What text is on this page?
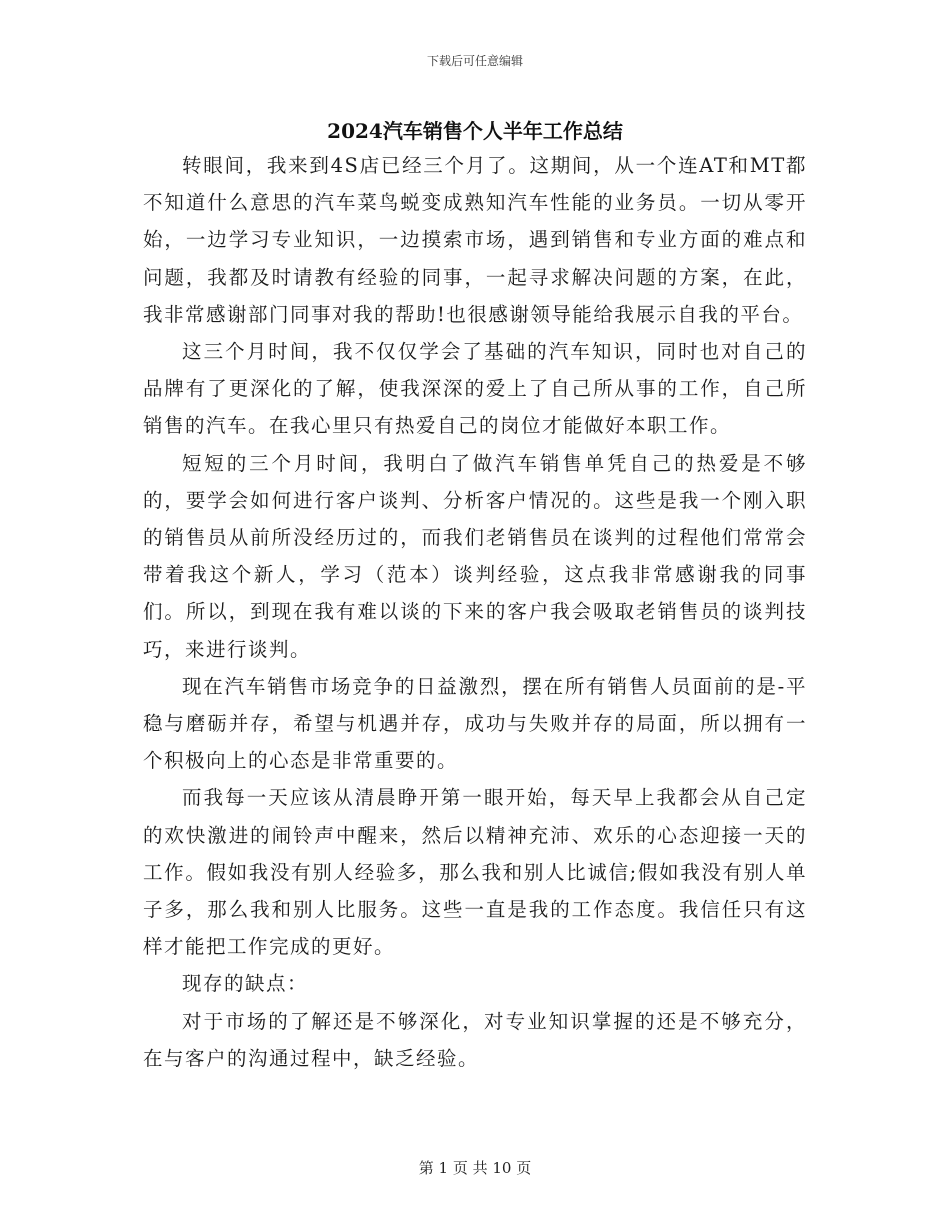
下载后可任意编辑
2024汽车销售个人半年工作总结

转眼间，我来到4S店已经三个月了。这期间，从一个连AT和MT都不知道什么意思的汽车菜鸟蜕变成熟知汽车性能的业务员。一切从零开始，一边学习专业知识，一边摸索市场，遇到销售和专业方面的难点和问题，我都及时请教有经验的同事，一起寻求解决问题的方案，在此，我非常感谢部门同事对我的帮助!也很感谢领导能给我展示自我的平台。

这三个月时间，我不仅仅学会了基础的汽车知识，同时也对自己的品牌有了更深化的了解，使我深深的爱上了自己所从事的工作，自己所销售的汽车。在我心里只有热爱自己的岗位才能做好本职工作。

短短的三个月时间，我明白了做汽车销售单凭自己的热爱是不够的，要学会如何进行客户谈判、分析客户情况的。这些是我一个刚入职的销售员从前所没经历过的，而我们老销售员在谈判的过程他们常常会带着我这个新人，学习（范本）谈判经验，这点我非常感谢我的同事们。所以，到现在我有难以谈的下来的客户我会吸取老销售员的谈判技巧，来进行谈判。

现在汽车销售市场竞争的日益激烈，摆在所有销售人员面前的是-平稳与磨砺并存，希望与机遇并存，成功与失败并存的局面，所以拥有一个积极向上的心态是非常重要的。

而我每一天应该从清晨睁开第一眼开始，每天早上我都会从自己定的欢快激进的闹铃声中醒来，然后以精神充沛、欢乐的心态迎接一天的工作。假如我没有别人经验多，那么我和别人比诚信;假如我没有别人单子多，那么我和别人比服务。这些一直是我的工作态度。我信任只有这样才能把工作完成的更好。

现存的缺点：

对于市场的了解还是不够深化，对专业知识掌握的还是不够充分，在与客户的沟通过程中，缺乏经验。

第 1 页 共 10 页
